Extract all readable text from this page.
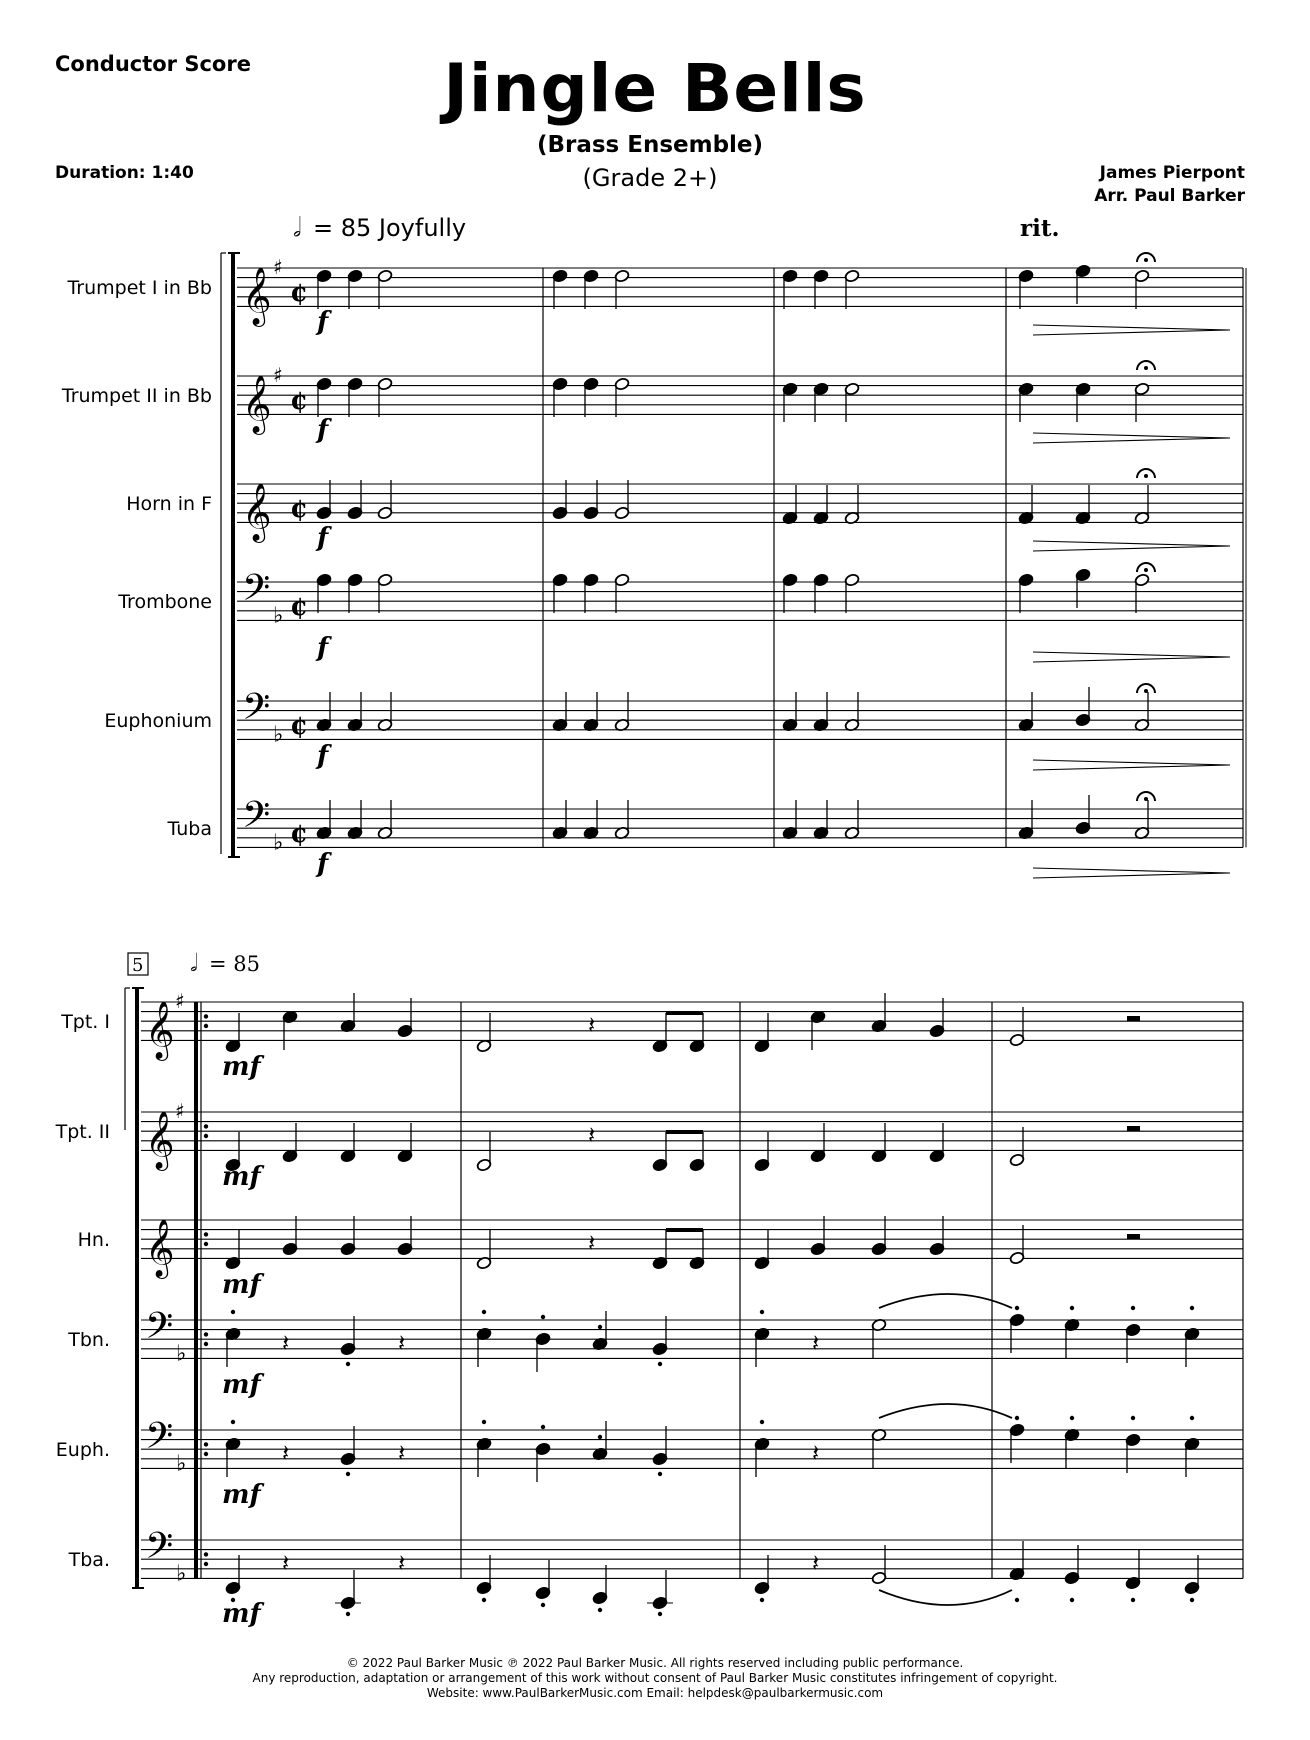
Conductor Score
Duration: 1:40
Jingle Bells
(Brass Ensemble)
(Grade 2+)	James Pierpont
Arr. Paul Barker
𝅗𝅥 = 85 Joyfully	rit.
5 𝅗𝅥 = 85
Trumpet I in Bb 𝄞 ♯
¢
Trumpet II in Bb 𝄞 ♯
¢
Horn in F 𝄞 ¢
Trombone 𝄢 ♭ ¢
Euphonium 𝄢 ♭ ¢
Tuba 𝄢 ♭ ¢
f
f
f
f
f
f
Tpt. I 𝄞 ♯
Tpt. II 𝄞 ♯
Hn. 𝄞
Tbn. 𝄢 ♭
Euph. 𝄢 ♭
Tba. 𝄢 ♭
𝄽
mf
𝄽
mf
𝄽
mf
𝄽	𝄽	𝄽
mf
𝄽	𝄽	𝄽
mf
𝄽	𝄽	𝄽
mf
© 2022 Paul Barker Music ℗ 2022 Paul Barker Music. All rights reserved including public performance.
Any reproduction, adaptation or arrangement of this work without consent of Paul Barker Music constitutes infringement of copyright.
Website: www.PaulBarkerMusic.com Email: helpdesk@paulbarkermusic.com
